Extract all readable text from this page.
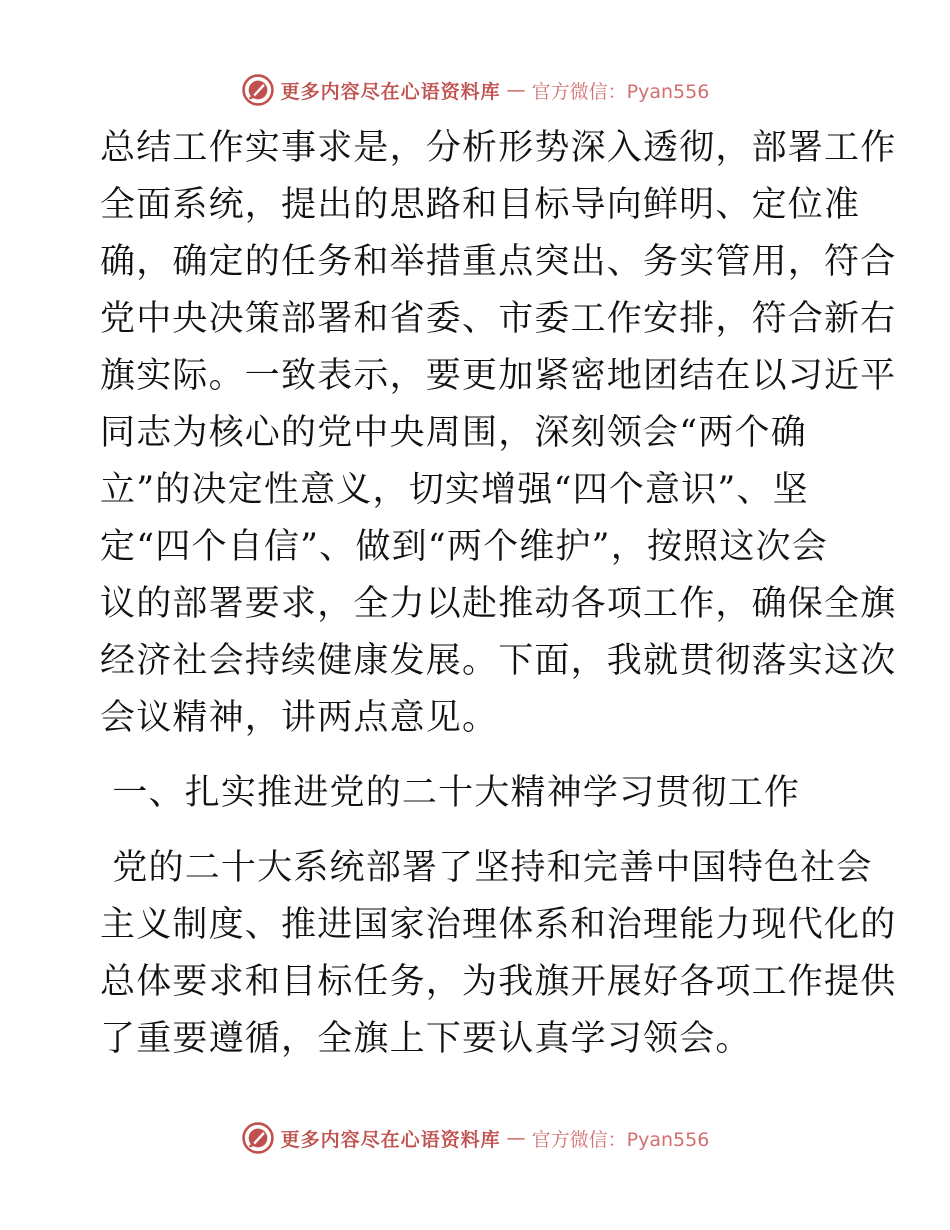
更多内容尽在心语资料库 — 官方微信：Pyan556
总结工作实事求是，分析形势深入透彻，部署工作
全面系统，提出的思路和目标导向鲜明、定位准
确，确定的任务和举措重点突出、务实管用，符合
党中央决策部署和省委、市委工作安排，符合新右
旗实际。一致表示，要更加紧密地团结在以习近平
同志为核心的党中央周围，深刻领会“两个确
立”的决定性意义，切实增强“四个意识”、坚
定“四个自信”、做到“两个维护”，按照这次会
议的部署要求，全力以赴推动各项工作，确保全旗
经济社会持续健康发展。下面，我就贯彻落实这次
会议精神，讲两点意见。
一、扎实推进党的二十大精神学习贯彻工作
党的二十大系统部署了坚持和完善中国特色社会
主义制度、推进国家治理体系和治理能力现代化的
总体要求和目标任务，为我旗开展好各项工作提供
了重要遵循，全旗上下要认真学习领会。
更多内容尽在心语资料库 — 官方微信：Pyan556
